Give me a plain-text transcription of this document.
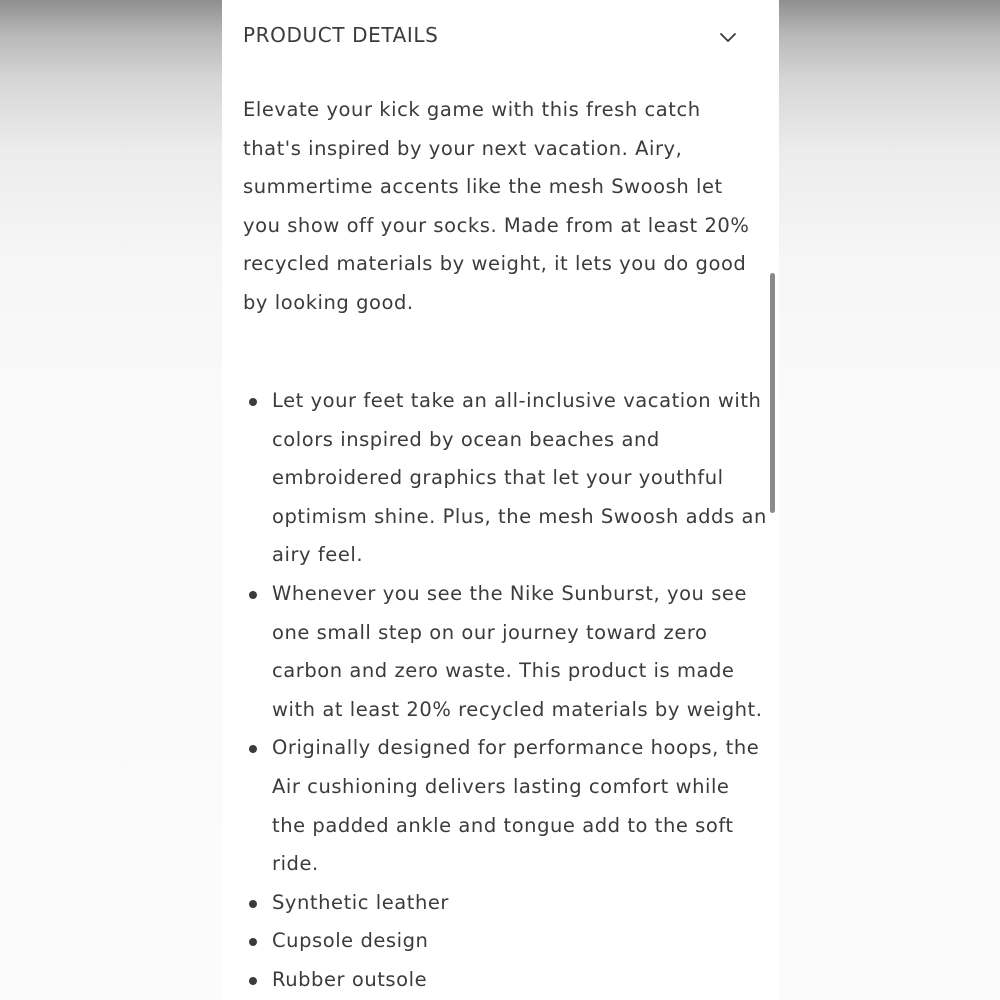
PRODUCT DETAILS

Elevate your kick game with this fresh catch that's inspired by your next vacation. Airy, summertime accents like the mesh Swoosh let you show off your socks. Made from at least 20% recycled materials by weight, it lets you do good by looking good.

Let your feet take an all-inclusive vacation with colors inspired by ocean beaches and embroidered graphics that let your youthful optimism shine. Plus, the mesh Swoosh adds an airy feel.
Whenever you see the Nike Sunburst, you see one small step on our journey toward zero carbon and zero waste. This product is made with at least 20% recycled materials by weight.
Originally designed for performance hoops, the Air cushioning delivers lasting comfort while the padded ankle and tongue add to the soft ride.
Synthetic leather
Cupsole design
Rubber outsole
